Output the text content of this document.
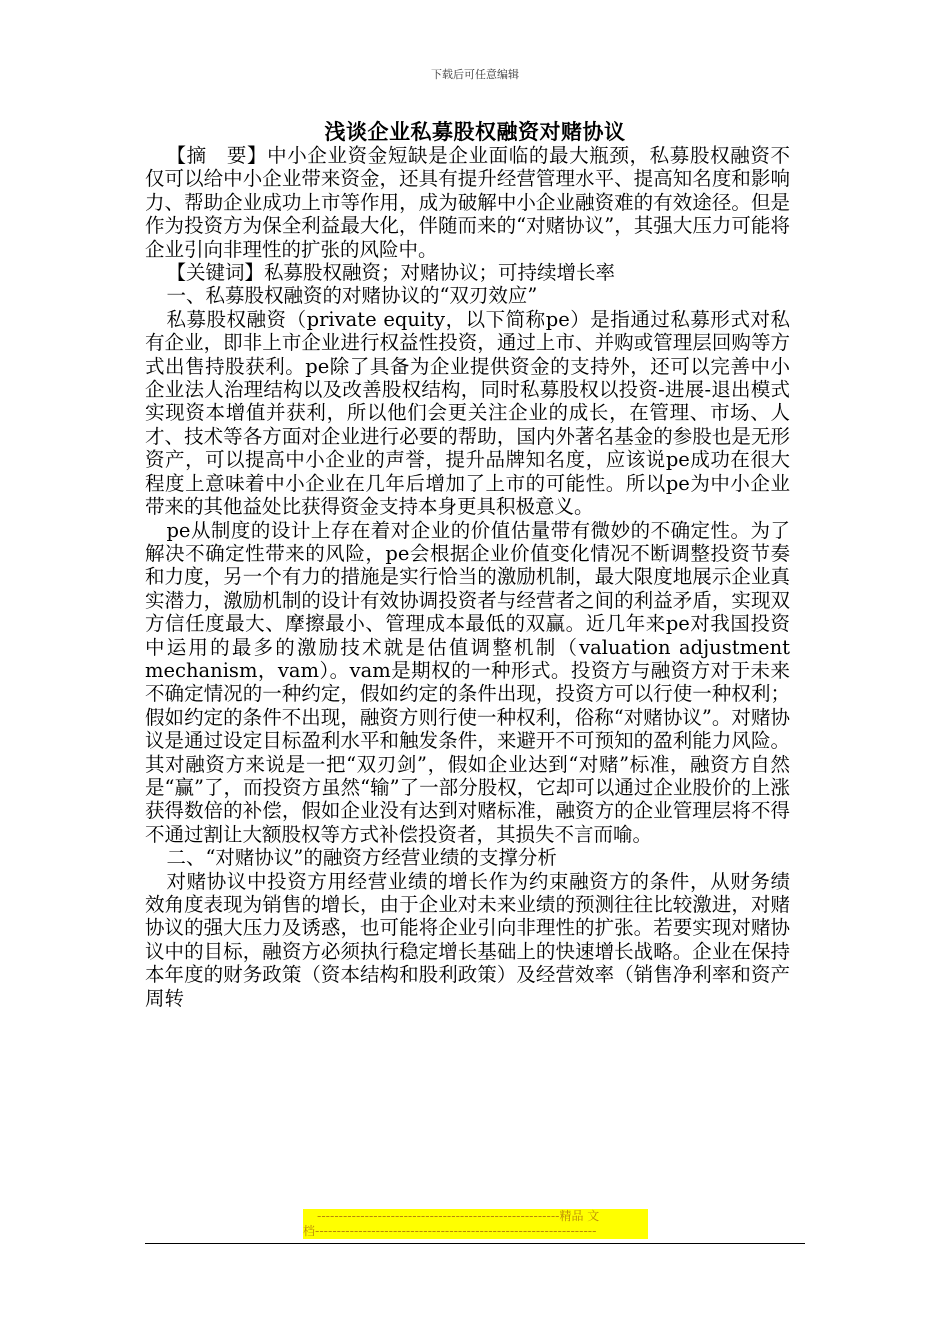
下载后可任意编辑
浅谈企业私募股权融资对赌协议

【摘　要】中小企业资金短缺是企业面临的最大瓶颈，私募股权融资不仅可以给中小企业带来资金，还具有提升经营管理水平、提高知名度和影响力、帮助企业成功上市等作用，成为破解中小企业融资难的有效途径。但是作为投资方为保全利益最大化，伴随而来的“对赌协议”，其强大压力可能将企业引向非理性的扩张的风险中。

【关键词】私募股权融资；对赌协议；可持续增长率

一、私募股权融资的对赌协议的“双刃效应”

私募股权融资（private equity，以下简称pe）是指通过私募形式对私有企业，即非上市企业进行权益性投资，通过上市、并购或管理层回购等方式出售持股获利。pe除了具备为企业提供资金的支持外，还可以完善中小企业法人治理结构以及改善股权结构，同时私募股权以投资-进展-退出模式实现资本增值并获利，所以他们会更关注企业的成长，在管理、市场、人才、技术等各方面对企业进行必要的帮助，国内外著名基金的参股也是无形资产，可以提高中小企业的声誉，提升品牌知名度，应该说pe成功在很大程度上意味着中小企业在几年后增加了上市的可能性。所以pe为中小企业带来的其他益处比获得资金支持本身更具积极意义。

pe从制度的设计上存在着对企业的价值估量带有微妙的不确定性。为了解决不确定性带来的风险，pe会根据企业价值变化情况不断调整投资节奏和力度，另一个有力的措施是实行恰当的激励机制，最大限度地展示企业真实潜力，激励机制的设计有效协调投资者与经营者之间的利益矛盾，实现双方信任度最大、摩擦最小、管理成本最低的双赢。近几年来pe对我国投资中运用的最多的激励技术就是估值调整机制（valuation adjustment mechanism，vam）。vam是期权的一种形式。投资方与融资方对于未来不确定情况的一种约定，假如约定的条件出现，投资方可以行使一种权利；假如约定的条件不出现，融资方则行使一种权利，俗称“对赌协议”。对赌协议是通过设定目标盈利水平和触发条件，来避开不可预知的盈利能力风险。其对融资方来说是一把“双刃剑”，假如企业达到“对赌”标准，融资方自然是“赢”了，而投资方虽然“输”了一部分股权，它却可以通过企业股价的上涨获得数倍的补偿，假如企业没有达到对赌标准，融资方的企业管理层将不得不通过割让大额股权等方式补偿投资者，其损失不言而喻。

二、“对赌协议”的融资方经营业绩的支撑分析

对赌协议中投资方用经营业绩的增长作为约束融资方的条件，从财务绩效角度表现为销售的增长，由于企业对未来业绩的预测往往比较激进，对赌协议的强大压力及诱惑，也可能将企业引向非理性的扩张。若要实现对赌协议中的目标，融资方必须执行稳定增长基础上的快速增长战略。企业在保持本年度的财务政策（资本结构和股利政策）及经营效率（销售净利率和资产周转

--------------------------------------------------------精品 文
档-----------------------------------------------------------------
